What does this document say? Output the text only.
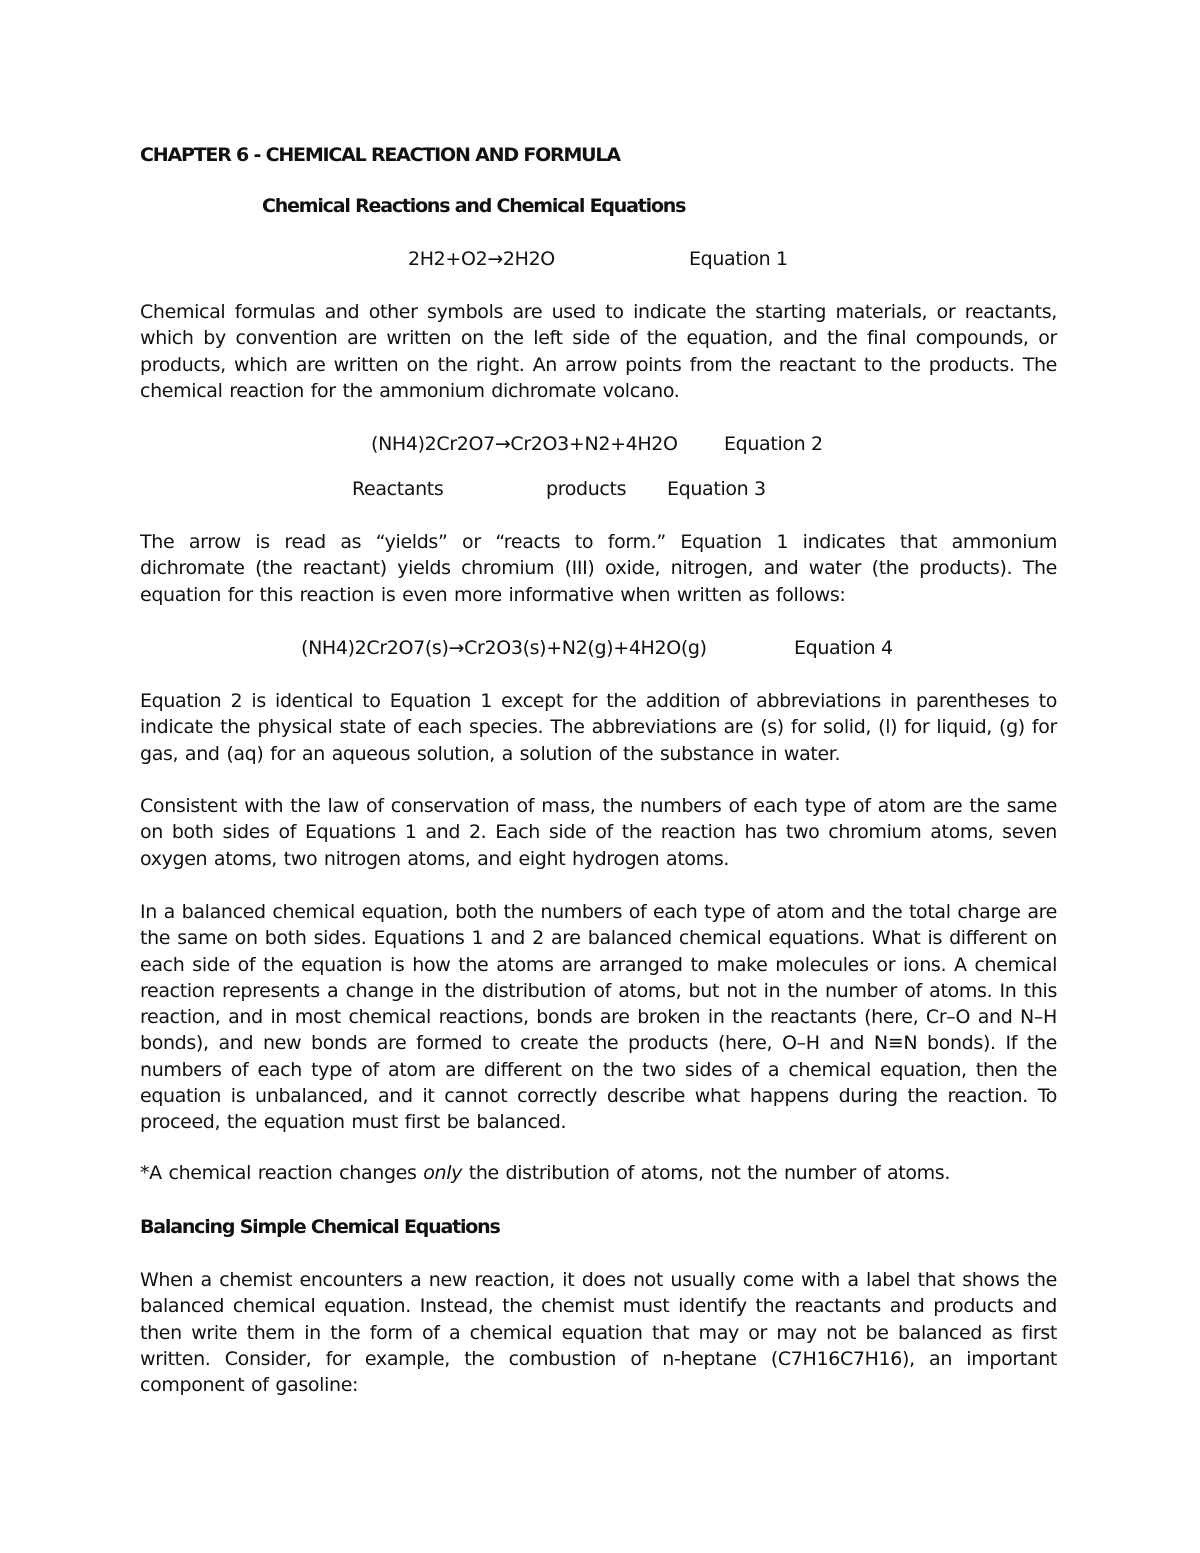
CHAPTER 6 - CHEMICAL REACTION AND FORMULA
Chemical Reactions and Chemical Equations
2H2+O2→2H2O	Equation 1
Chemical formulas and other symbols are used to indicate the starting materials, or reactants, which by convention are written on the left side of the equation, and the final compounds, or products, which are written on the right. An arrow points from the reactant to the products. The chemical reaction for the ammonium dichromate volcano.
(NH4)2Cr2O7→Cr2O3+N2+4H2O Equation 2
Reactants	products Equation 3
The arrow is read as “yields” or “reacts to form.” Equation 1 indicates that ammonium dichromate (the reactant) yields chromium (III) oxide, nitrogen, and water (the products). The equation for this reaction is even more informative when written as follows:
(NH4)2Cr2O7(s)→Cr2O3(s)+N2(g)+4H2O(g)	Equation 4
Equation 2 is identical to Equation 1 except for the addition of abbreviations in parentheses to indicate the physical state of each species. The abbreviations are (s) for solid, (l) for liquid, (g) for gas, and (aq) for an aqueous solution, a solution of the substance in water.
Consistent with the law of conservation of mass, the numbers of each type of atom are the same on both sides of Equations 1 and 2. Each side of the reaction has two chromium atoms, seven oxygen atoms, two nitrogen atoms, and eight hydrogen atoms.
In a balanced chemical equation, both the numbers of each type of atom and the total charge are the same on both sides. Equations 1 and 2 are balanced chemical equations. What is different on each side of the equation is how the atoms are arranged to make molecules or ions. A chemical reaction represents a change in the distribution of atoms, but not in the number of atoms. In this reaction, and in most chemical reactions, bonds are broken in the reactants (here, Cr–O and N–H bonds), and new bonds are formed to create the products (here, O–H and N≡N bonds). If the numbers of each type of atom are different on the two sides of a chemical equation, then the equation is unbalanced, and it cannot correctly describe what happens during the reaction. To proceed, the equation must first be balanced.
*A chemical reaction changes only the distribution of atoms, not the number of atoms.
Balancing Simple Chemical Equations
When a chemist encounters a new reaction, it does not usually come with a label that shows the balanced chemical equation. Instead, the chemist must identify the reactants and products and then write them in the form of a chemical equation that may or may not be balanced as first written. Consider, for example, the combustion of n-heptane (C7H16C7H16), an important component of gasoline:
